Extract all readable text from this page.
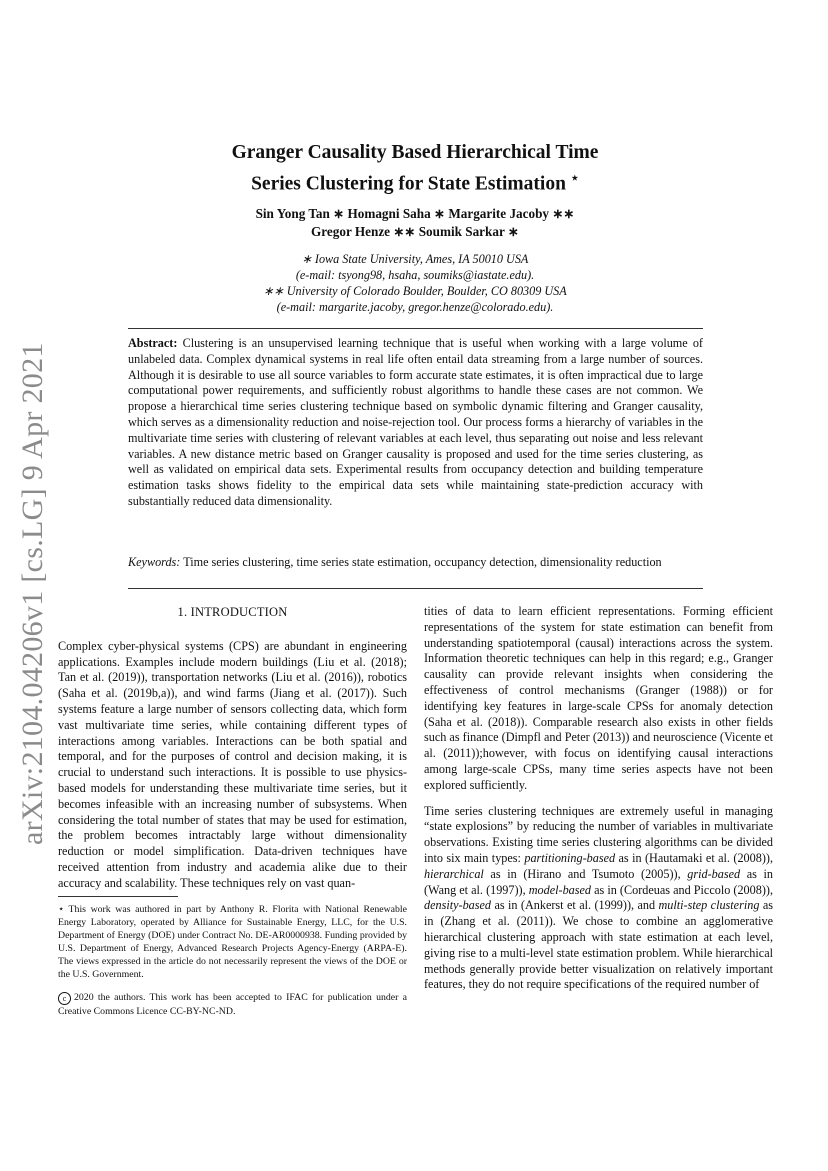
arXiv:2104.04206v1 [cs.LG] 9 Apr 2021
Granger Causality Based Hierarchical Time
Series Clustering for State Estimation ⋆
Sin Yong Tan ∗ Homagni Saha ∗ Margarite Jacoby ∗∗
Gregor Henze ∗∗ Soumik Sarkar ∗
∗ Iowa State University, Ames, IA 50010 USA
(e-mail: tsyong98, hsaha, soumiks@iastate.edu).
∗∗ University of Colorado Boulder, Boulder, CO 80309 USA
(e-mail: margarite.jacoby, gregor.henze@colorado.edu).
Abstract: Clustering is an unsupervised learning technique that is useful when working with a large volume of unlabeled data. Complex dynamical systems in real life often entail data streaming from a large number of sources. Although it is desirable to use all source variables to form accurate state estimates, it is often impractical due to large computational power requirements, and sufficiently robust algorithms to handle these cases are not common. We propose a hierarchical time series clustering technique based on symbolic dynamic filtering and Granger causality, which serves as a dimensionality reduction and noise-rejection tool. Our process forms a hierarchy of variables in the multivariate time series with clustering of relevant variables at each level, thus separating out noise and less relevant variables. A new distance metric based on Granger causality is proposed and used for the time series clustering, as well as validated on empirical data sets. Experimental results from occupancy detection and building temperature estimation tasks shows fidelity to the empirical data sets while maintaining state-prediction accuracy with substantially reduced data dimensionality.
Keywords: Time series clustering, time series state estimation, occupancy detection, dimensionality reduction
1. INTRODUCTION

Complex cyber-physical systems (CPS) are abundant in engineering applications. Examples include modern buildings (Liu et al. (2018); Tan et al. (2019)), transportation networks (Liu et al. (2016)), robotics (Saha et al. (2019b,a)), and wind farms (Jiang et al. (2017)). Such systems feature a large number of sensors collecting data, which form vast multivariate time series, while containing different types of interactions among variables. Interactions can be both spatial and temporal, and for the purposes of control and decision making, it is crucial to understand such interactions. It is possible to use physics-based models for understanding these multivariate time series, but it becomes infeasible with an increasing number of subsystems. When considering the total number of states that may be used for estimation, the problem becomes intractably large without dimensionality reduction or model simplification. Data-driven techniques have received attention from industry and academia alike due to their accuracy and scalability. These techniques rely on vast quan-

⋆ This work was authored in part by Anthony R. Florita with National Renewable Energy Laboratory, operated by Alliance for Sustainable Energy, LLC, for the U.S. Department of Energy (DOE) under Contract No. DE-AR0000938. Funding provided by U.S. Department of Energy, Advanced Research Projects Agency-Energy (ARPA-E). The views expressed in the article do not necessarily represent the views of the DOE or the U.S. Government.
c 2020 the authors. This work has been accepted to IFAC for publication under a Creative Commons Licence CC-BY-NC-ND.

tities of data to learn efficient representations. Forming efficient representations of the system for state estimation can benefit from understanding spatiotemporal (causal) interactions across the system. Information theoretic techniques can help in this regard; e.g., Granger causality can provide relevant insights when considering the effectiveness of control mechanisms (Granger (1988)) or for identifying key features in large-scale CPSs for anomaly detection (Saha et al. (2018)). Comparable research also exists in other fields such as finance (Dimpfl and Peter (2013)) and neuroscience (Vicente et al. (2011));however, with focus on identifying causal interactions among large-scale CPSs, many time series aspects have not been explored sufficiently.

Time series clustering techniques are extremely useful in managing “state explosions” by reducing the number of variables in multivariate observations. Existing time series clustering algorithms can be divided into six main types: partitioning-based as in (Hautamaki et al. (2008)), hierarchical as in (Hirano and Tsumoto (2005)), grid-based as in (Wang et al. (1997)), model-based as in (Cordeuas and Piccolo (2008)), density-based as in (Ankerst et al. (1999)), and multi-step clustering as in (Zhang et al. (2011)). We chose to combine an agglomerative hierarchical clustering approach with state estimation at each level, giving rise to a multi-level state estimation problem. While hierarchical methods generally provide better visualization on relatively important features, they do not require specifications of the required number of
